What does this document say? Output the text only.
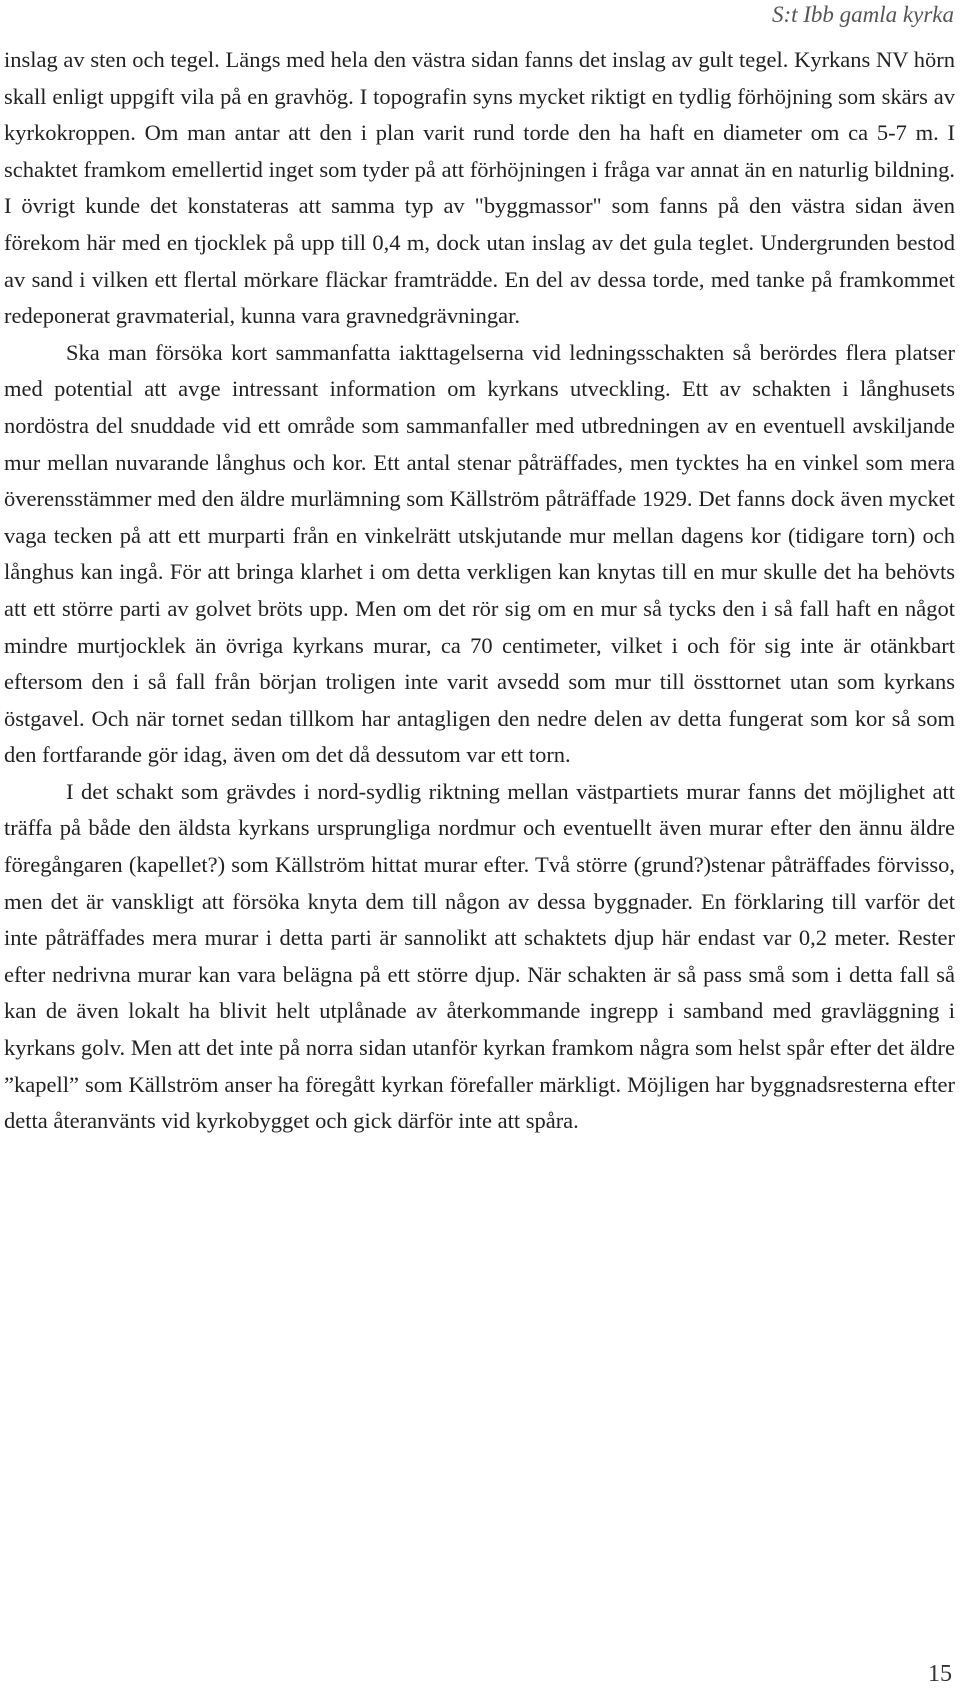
S:t Ibb gamla kyrka

inslag av sten och tegel. Längs med hela den västra sidan fanns det inslag av gult tegel. Kyrkans NV hörn skall enligt uppgift vila på en gravhög. I topografin syns mycket riktigt en tydlig förhöjning som skärs av kyrkokroppen. Om man antar att den i plan varit rund torde den ha haft en diameter om ca 5-7 m. I schaktet framkom emellertid inget som tyder på att förhöjningen i fråga var annat än en naturlig bildning. I övrigt kunde det konstateras att samma typ av "byggmassor" som fanns på den västra sidan även förekom här med en tjocklek på upp till 0,4 m, dock utan inslag av det gula teglet. Undergrunden bestod av sand i vilken ett flertal mörkare fläckar framträdde. En del av dessa torde, med tanke på framkommet redeponerat gravmaterial, kunna vara gravnedgrävningar.

Ska man försöka kort sammanfatta iakttagelserna vid ledningsschakten så berördes flera platser med potential att avge intressant information om kyrkans utveckling. Ett av schakten i långhusets nordöstra del snuddade vid ett område som sammanfaller med utbredningen av en eventuell avskiljande mur mellan nuvarande långhus och kor. Ett antal stenar påträffades, men tycktes ha en vinkel som mera överensstämmer med den äldre murlämning som Källström påträffade 1929. Det fanns dock även mycket vaga tecken på att ett murparti från en vinkelrätt utskjutande mur mellan dagens kor (tidigare torn) och långhus kan ingå. För att bringa klarhet i om detta verkligen kan knytas till en mur skulle det ha behövts att ett större parti av golvet bröts upp. Men om det rör sig om en mur så tycks den i så fall haft en något mindre murtjocklek än övriga kyrkans murar, ca 70 centimeter, vilket i och för sig inte är otänkbart eftersom den i så fall från början troligen inte varit avsedd som mur till össttornet utan som kyrkans östgavel. Och när tornet sedan tillkom har antagligen den nedre delen av detta fungerat som kor så som den fortfarande gör idag, även om det då dessutom var ett torn.

I det schakt som grävdes i nord-sydlig riktning mellan västpartiets murar fanns det möjlighet att träffa på både den äldsta kyrkans ursprungliga nordmur och eventuellt även murar efter den ännu äldre föregångaren (kapellet?) som Källström hittat murar efter. Två större (grund?)stenar påträffades förvisso, men det är vanskligt att försöka knyta dem till någon av dessa byggnader. En förklaring till varför det inte påträffades mera murar i detta parti är sannolikt att schaktets djup här endast var 0,2 meter. Rester efter nedrivna murar kan vara belägna på ett större djup. När schakten är så pass små som i detta fall så kan de även lokalt ha blivit helt utplånade av återkommande ingrepp i samband med gravläggning i kyrkans golv. Men att det inte på norra sidan utanför kyrkan framkom några som helst spår efter det äldre ”kapell” som Källström anser ha föregått kyrkan förefaller märkligt. Möjligen har byggnadsresterna efter detta återanvänts vid kyrkobygget och gick därför inte att spåra.

15
